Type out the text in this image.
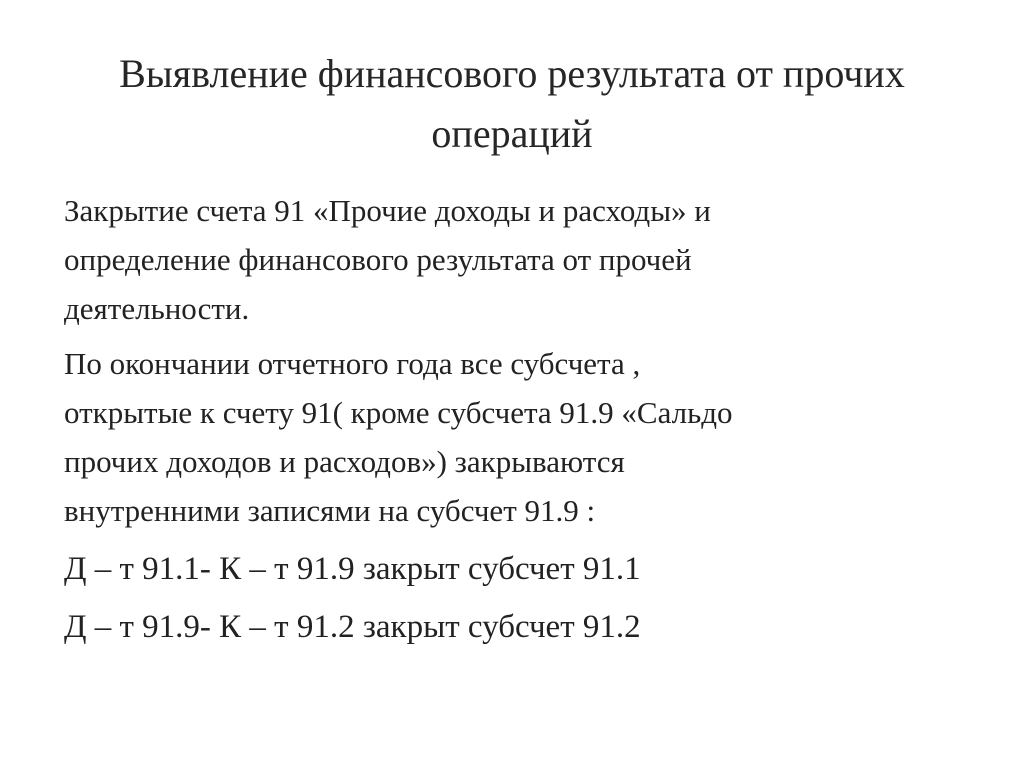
Выявление финансового результата от прочих
операций

Закрытие счета 91 «Прочие доходы и расходы» и
определение финансового результата от прочей
деятельности.

По окончании отчетного года все субсчета ,
открытые к счету 91( кроме субсчета 91.9 «Сальдо
прочих доходов и расходов») закрываются
внутренними записями на субсчет 91.9 :

Д – т 91.1- К – т 91.9 закрыт субсчет 91.1
Д – т 91.9- К – т 91.2 закрыт субсчет 91.2
